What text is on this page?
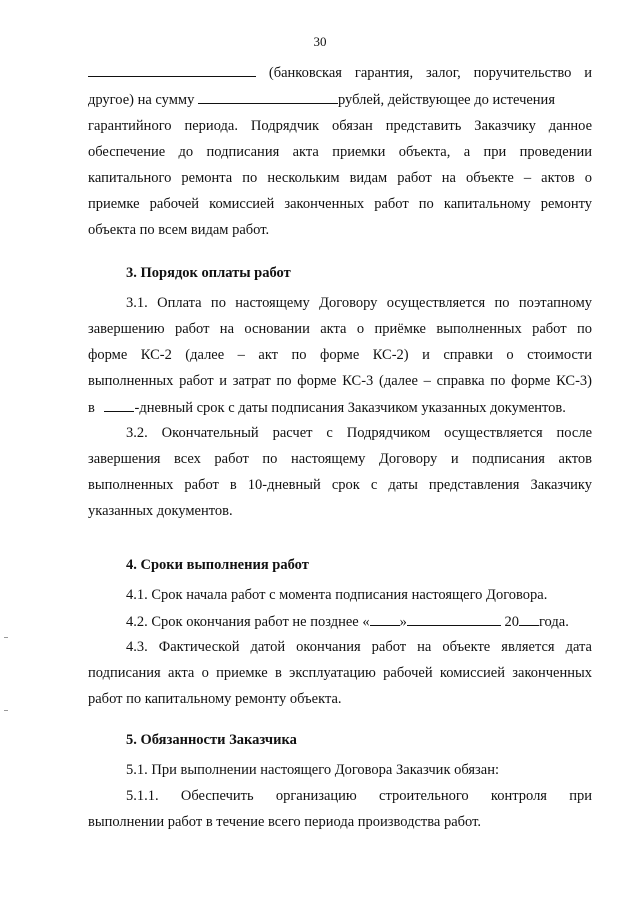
30
(банковская гарантия, залог, поручительство и
другое) на сумму	рублей, действующее до истечения
гарантийного периода. Подрядчик обязан представить Заказчику данное
обеспечение до подписания акта приемки объекта, а при проведении
капитального ремонта по нескольким видам работ на объекте – актов о
приемке рабочей комиссией законченных работ по капитальному ремонту
объекта по всем видам работ.
3. Порядок оплаты работ
3.1. Оплата по настоящему Договору осуществляется по поэтапному
завершению работ на основании акта о приёмке выполненных работ по
форме КС-2 (далее – акт по форме КС-2) и справки о стоимости
выполненных работ и затрат по форме КС-3 (далее – справка по форме КС-3)
в	-дневный срок с даты подписания Заказчиком указанных документов.
3.2. Окончательный расчет с Подрядчиком осуществляется после
завершения всех работ по настоящему Договору и подписания актов
выполненных работ в 10-дневный срок с даты представления Заказчику
указанных документов.
4. Сроки выполнения работ
4.1. Срок начала работ с момента подписания настоящего Договора.
4.2. Срок окончания работ не позднее « »	20 года.
4.3. Фактической датой окончания работ на объекте является дата
подписания акта о приемке в эксплуатацию рабочей комиссией законченных
работ по капитальному ремонту объекта.
5. Обязанности Заказчика
5.1. При выполнении настоящего Договора Заказчик обязан:
5.1.1. Обеспечить организацию строительного контроля при
выполнении работ в течение всего периода производства работ.
